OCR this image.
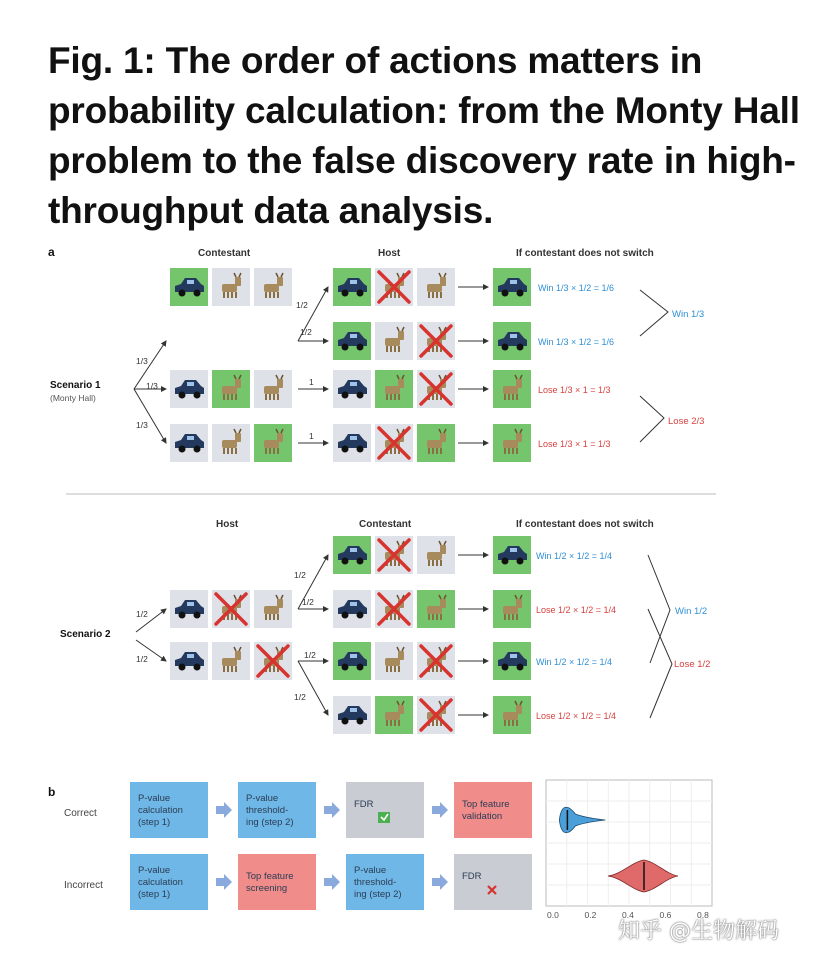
Fig. 1: The order of actions matters in probability calculation: from the Monty Hall problem to the false discovery rate in high-throughput data analysis.
a	Contestant	Host	If contestant does not switch
Scenario 1
(Monty Hall)
1/3
1/3
1/3
1/2
Win 1/3 × 1/2 = 1/6
1/2
Win 1/3 × 1/2 = 1/6
1
Lose 1/3 × 1 = 1/3
1
Lose 1/3 × 1 = 1/3
Win 1/3
Lose 2/3
Host	Contestant	If contestant does not switch
Scenario 2
1/2
1/2
1/2
Win 1/2 × 1/2 = 1/4
1/2
Lose 1/2 × 1/2 = 1/4
1/2
Win 1/2 × 1/2 = 1/4
1/2
Lose 1/2 × 1/2 = 1/4
Win 1/2
Lose 1/2
b
Correct
P-value
calculation
(step 1)
P-value
threshold-
ing (step 2)
FDR	Top feature
validation
Incorrect
P-value
calculation
(step 1)
Top feature
screening
P-value
threshold-
ing (step 2)
FDR
0.0	0.2	0.4	0.6	0.8
知乎 @生物解码
